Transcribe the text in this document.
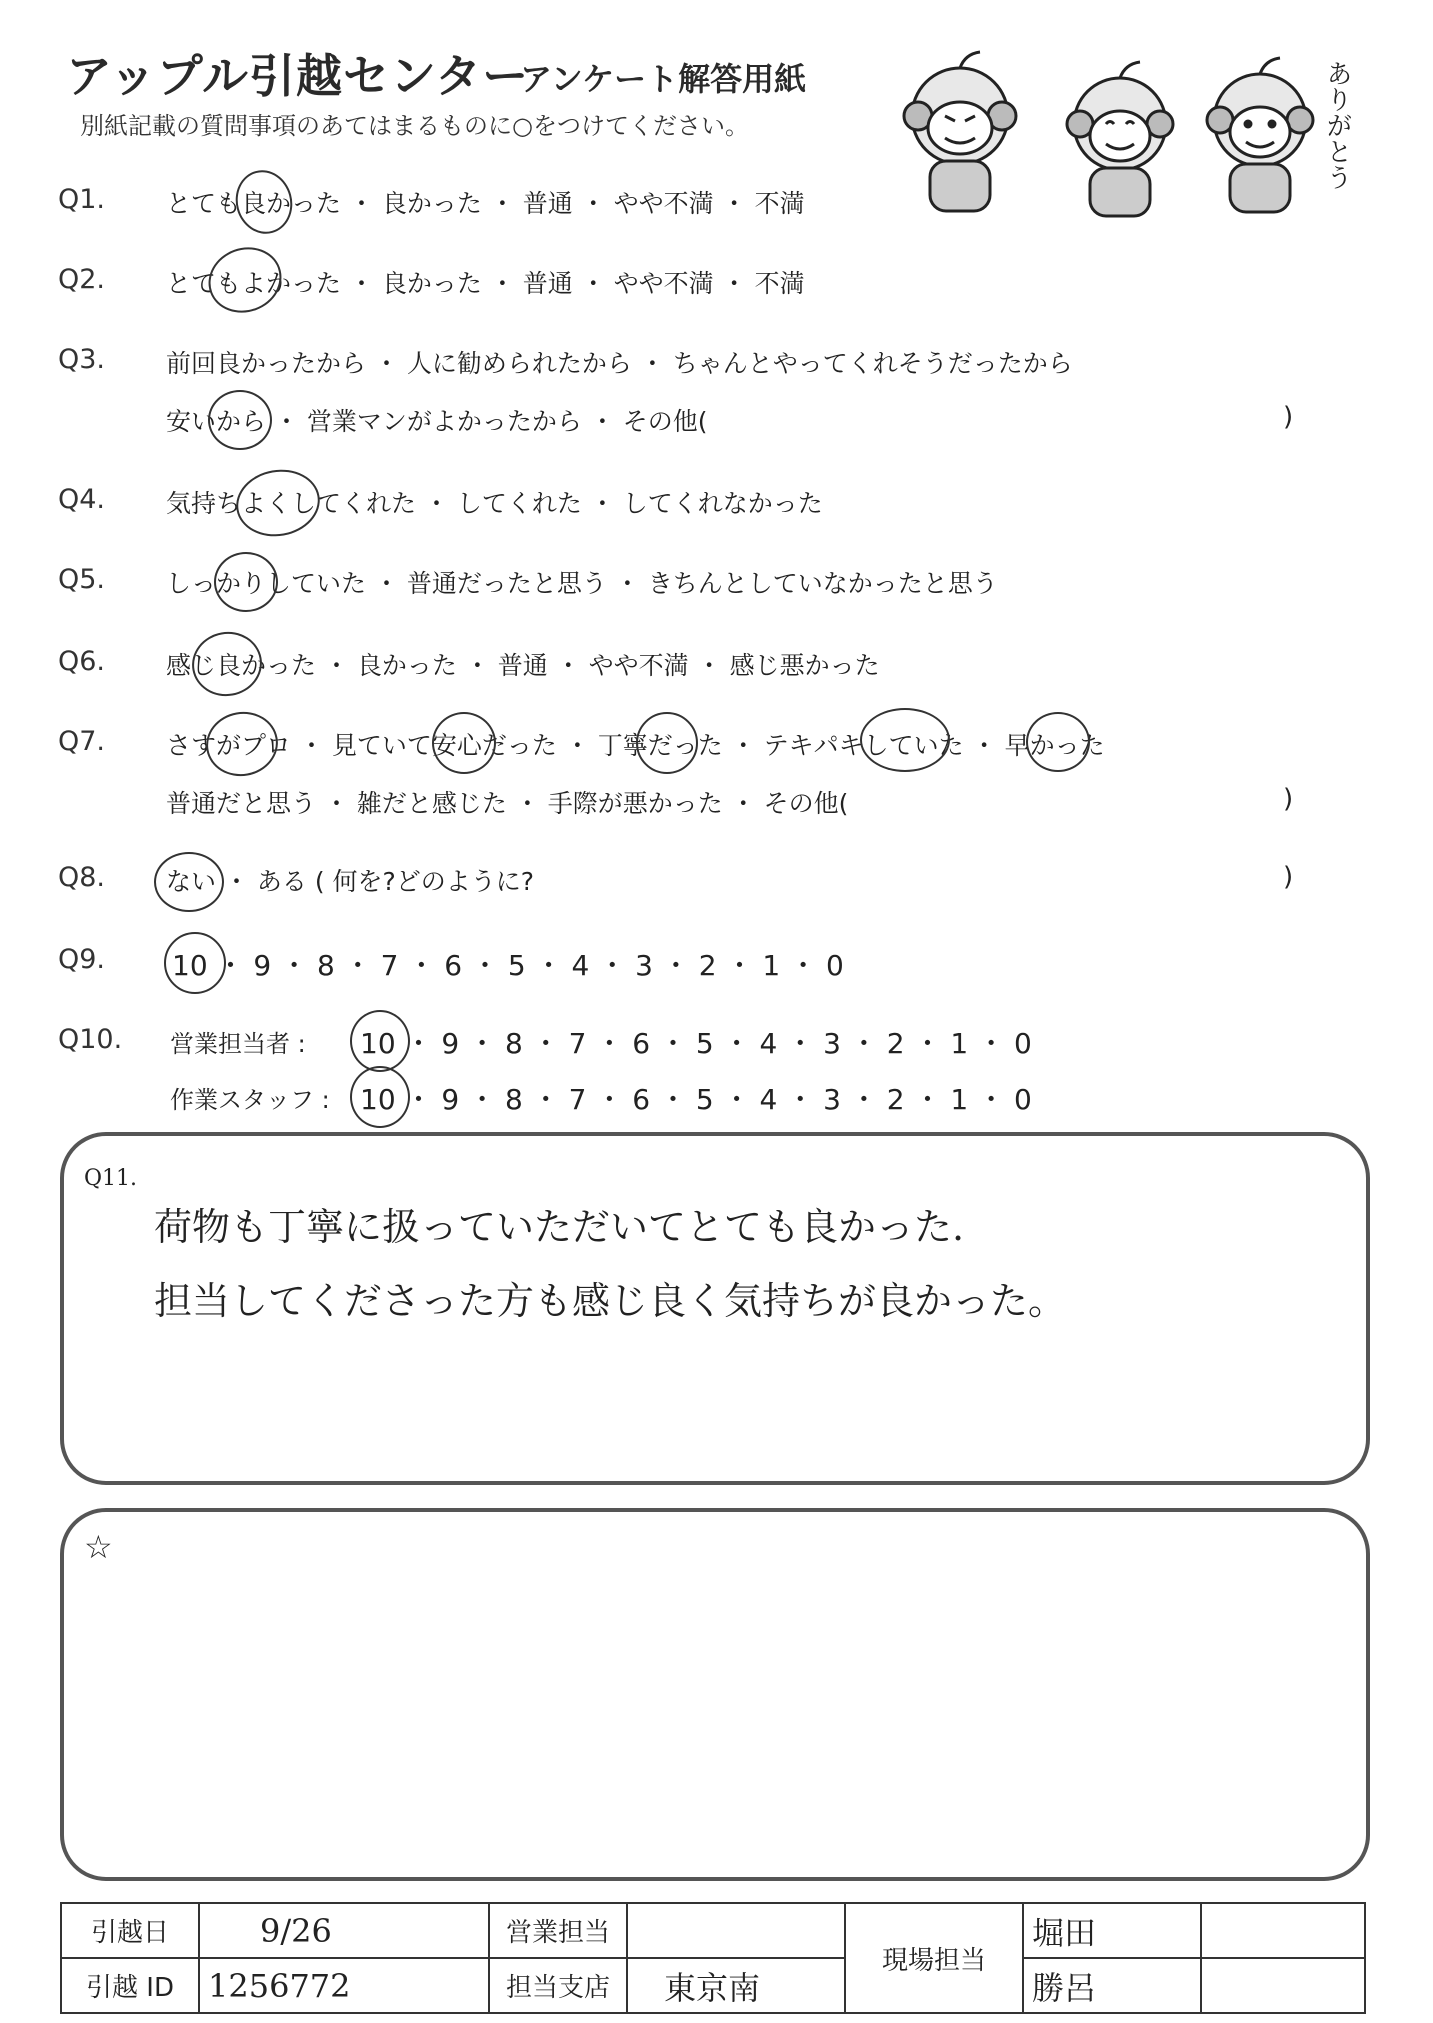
アップル引越センター
アンケート解答用紙
別紙記載の質問事項のあてはまるものに○をつけてください。	ありがとう
Q1. とても良かった ・ 良かった ・ 普通 ・ やや不満 ・ 不満
Q2. とてもよかった ・ 良かった ・ 普通 ・ やや不満 ・ 不満
Q3. 前回良かったから ・ 人に勧められたから ・ ちゃんとやってくれそうだったから
安いから ・ 営業マンがよかったから ・ その他(	)
Q4. 気持ちよくしてくれた ・ してくれた ・ してくれなかった
Q5. しっかりしていた ・ 普通だったと思う ・ きちんとしていなかったと思う
Q6. 感じ良かった ・ 良かった ・ 普通 ・ やや不満 ・ 感じ悪かった
Q7. さすがプロ ・ 見ていて安心だった ・ 丁寧だった ・ テキパキしていた ・ 早かった
普通だと思う ・ 雑だと感じた ・ 手際が悪かった ・ その他(	)
Q8. ない ・ ある ( 何を?どのように?	)
Q9. 10 ・ 9 ・ 8 ・ 7 ・ 6 ・ 5 ・ 4 ・ 3 ・ 2 ・ 1 ・ 0
Q10. 営業担当者 : 10 ・ 9 ・ 8 ・ 7 ・ 6 ・ 5 ・ 4 ・ 3 ・ 2 ・ 1 ・ 0
作業スタッフ : 10 ・ 9 ・ 8 ・ 7 ・ 6 ・ 5 ・ 4 ・ 3 ・ 2 ・ 1 ・ 0
Q11.
荷物も丁寧に扱っていただいてとても良かった.
担当してくださった方も感じ良く気持ちが良かった。
☆
引越日	9/26	営業担当		現場担当	堀田	
引越 ID	1256772	担当支店	東京南		勝呂	
